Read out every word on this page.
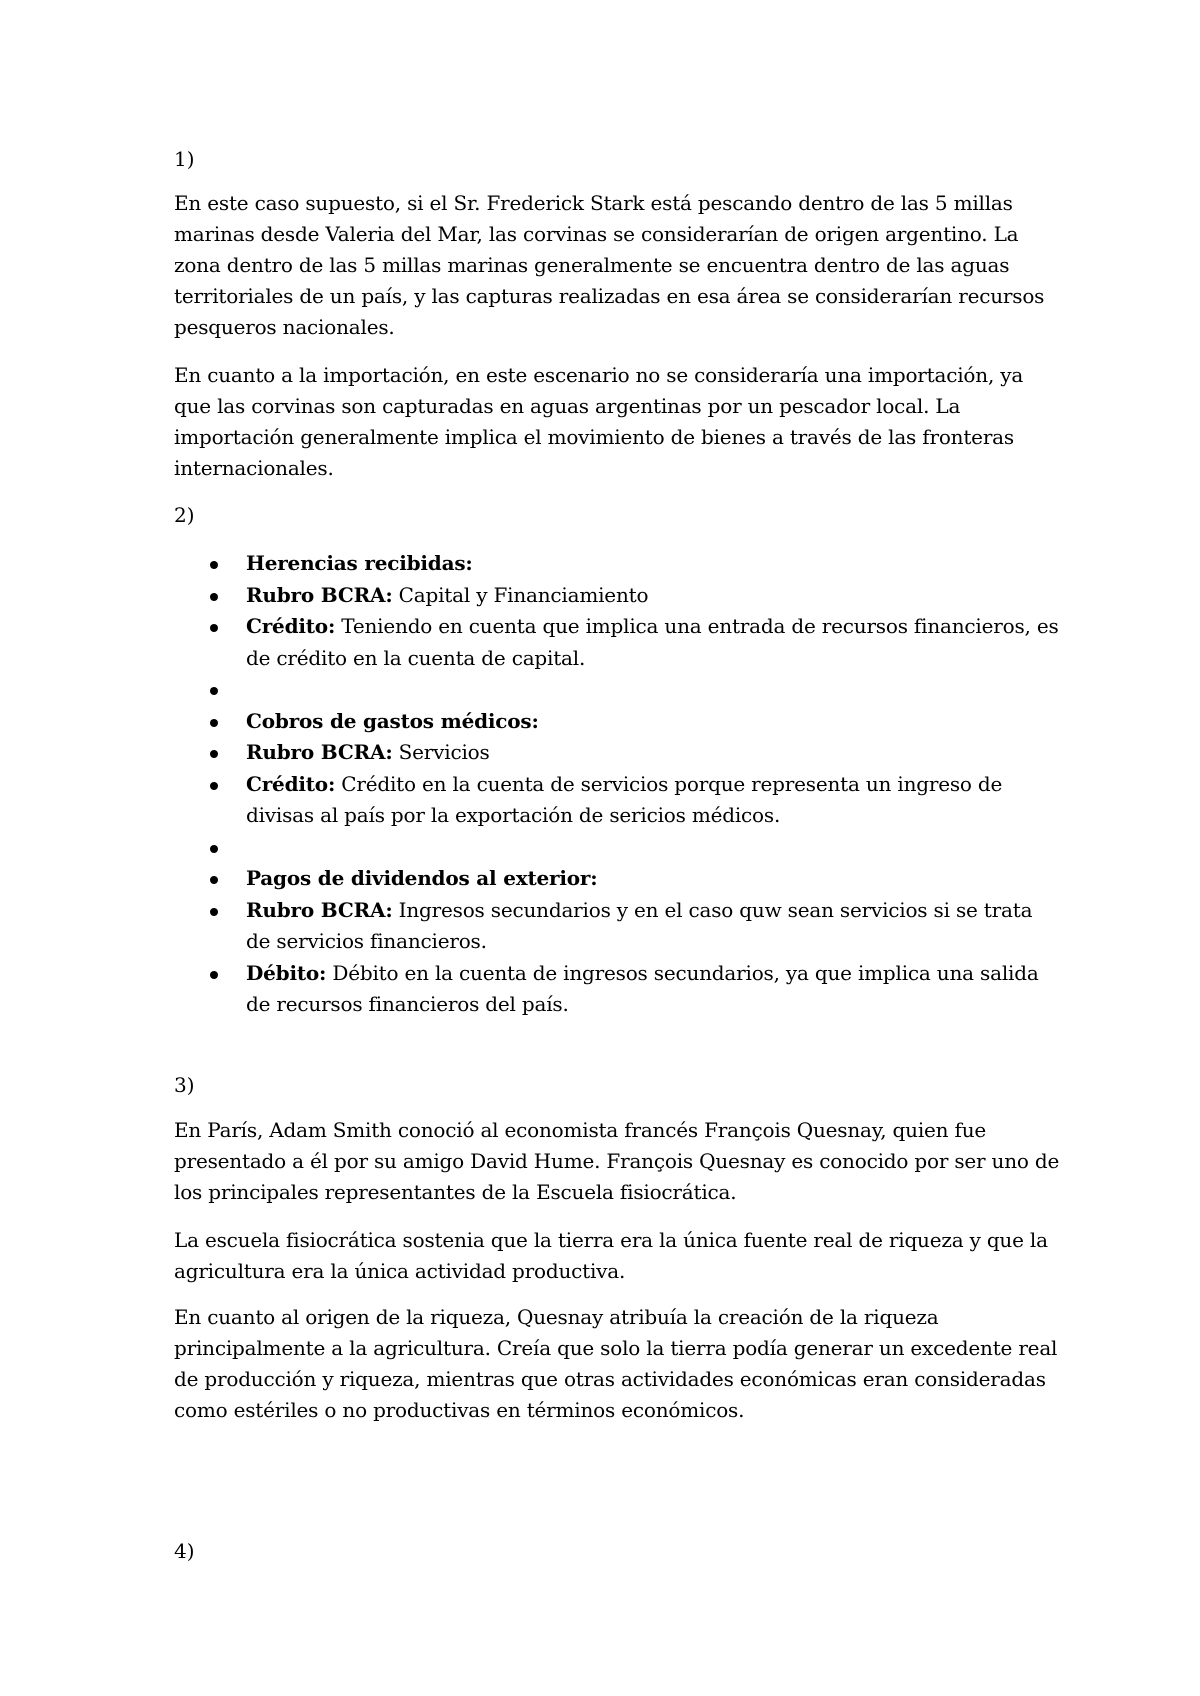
1)

En este caso supuesto, si el Sr. Frederick Stark está pescando dentro de las 5 millas marinas desde Valeria del Mar, las corvinas se considerarían de origen argentino. La zona dentro de las 5 millas marinas generalmente se encuentra dentro de las aguas territoriales de un país, y las capturas realizadas en esa área se considerarían recursos pesqueros nacionales.

En cuanto a la importación, en este escenario no se consideraría una importación, ya que las corvinas son capturadas en aguas argentinas por un pescador local. La importación generalmente implica el movimiento de bienes a través de las fronteras internacionales.

2)

Herencias recibidas:
Rubro BCRA: Capital y Financiamiento
Crédito: Teniendo en cuenta que implica una entrada de recursos financieros, es de crédito en la cuenta de capital.
Cobros de gastos médicos:
Rubro BCRA: Servicios
Crédito: Crédito en la cuenta de servicios porque representa un ingreso de divisas al país por la exportación de sericios médicos.
Pagos de dividendos al exterior:
Rubro BCRA: Ingresos secundarios y en el caso quw sean servicios si se trata de servicios financieros.
Débito: Débito en la cuenta de ingresos secundarios, ya que implica una salida de recursos financieros del país.

3)

En París, Adam Smith conoció al economista francés François Quesnay, quien fue presentado a él por su amigo David Hume. François Quesnay es conocido por ser uno de los principales representantes de la Escuela fisiocrática.

La escuela fisiocrática sostenia que la tierra era la única fuente real de riqueza y que la agricultura era la única actividad productiva.

En cuanto al origen de la riqueza, Quesnay atribuía la creación de la riqueza principalmente a la agricultura. Creía que solo la tierra podía generar un excedente real de producción y riqueza, mientras que otras actividades económicas eran consideradas como estériles o no productivas en términos económicos.

4)
